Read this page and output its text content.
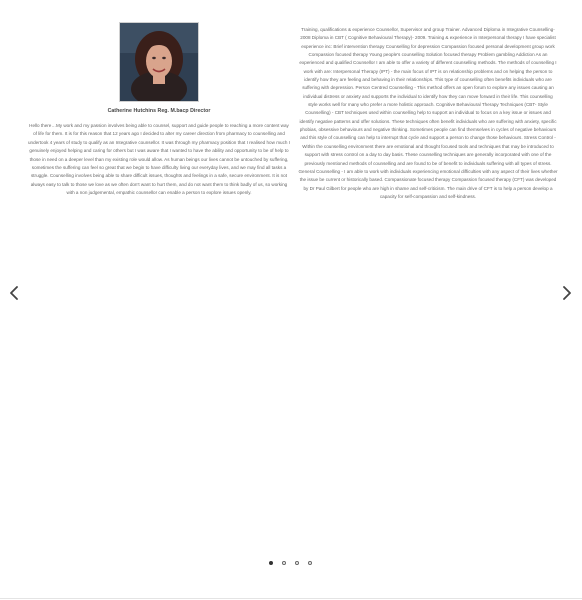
Catherine Hutchins Reg. M.bacp Director
Hello there…My work and my passion involves being able to counsel, support and guide people to reaching a more content way of life for them. It is for this reason that 12 years ago I decided to alter my career direction from pharmacy to counselling and undertook 4 years of study to qualify as an Integrative counsellor. It was through my pharmacy position that I realised how much I genuinely enjoyed helping and caring for others but I was aware that I wanted to have the ability and opportunity to be of help to those in need on a deeper level than my existing role would allow. As human beings our lives cannot be untouched by suffering, sometimes the suffering can feel so great that we begin to have difficulty living our everyday lives, and we may find all tasks a struggle. Counselling involves being able to share difficult issues, thoughts and feelings in a safe, secure environment. It is not always easy to talk to those we love as we often don't want to hurt them, and do not want them to think badly of us, so working with a non judgemental, empathic counsellor can enable a person to explore issues openly.
Training, qualifications & experience Counsellor, Supervisor and group Trainer. Advanced Diploma in Integrative Counselling- 2008 Diploma in CBT ( Cognitive Behavioural Therapy)- 2009. Training & experience in Interpersonal therapy I have specialist experience inc: Brief intervention therapy Counselling for depression Compassion focused personal development group work Compassion focused therapy Young people's counselling Solution focused therapy Problem gambling Addiction As an experienced and qualified Counsellor I am able to offer a variety of different counselling methods. The methods of counselling I work with are: Interpersonal Therapy (IPT) - the main focus of IPT is on relationship problems and on helping the person to identify how they are feeling and behaving in their relationships. This type of counselling often benefits individuals who are suffering with depression. Person Centred Counselling - This method offers an open forum to explore any issues causing an individual distress or anxiety and supports the individual to identify how they can move forward in their life. This counselling style works well for many who prefer a more holistic approach. Cognitive Behavioural Therapy Techniques (CBT- Style Counselling) - CBT techniques used within counselling help to support an individual to focus on a key issue or issues and identify negative patterns and offer solutions. These techniques often benefit individuals who are suffering with anxiety, specific phobias, obsessive behaviours and negative thinking. Sometimes people can find themselves in cycles of negative behaviours and this style of counselling can help to interrupt that cycle and support a person to change those behaviours. Stress Control - Within the counselling environment there are emotional and thought focused tools and techniques that may be introduced to support with stress control on a day to day basis. These counselling techniques are generally incorporated with one of the previously mentioned methods of counselling and are found to be of benefit to individuals suffering with all types of stress. General Counselling - I am able to work with individuals experiencing emotional difficulties with any aspect of their lives whether the issue be current or historically based. Compassionate focused therapy Compassion focused therapy (CFT) was developed by Dr Paul Gilbert for people who are high in shame and self-criticism. The main drive of CFT is to help a person develop a capacity for self-compassion and self-kindness.
